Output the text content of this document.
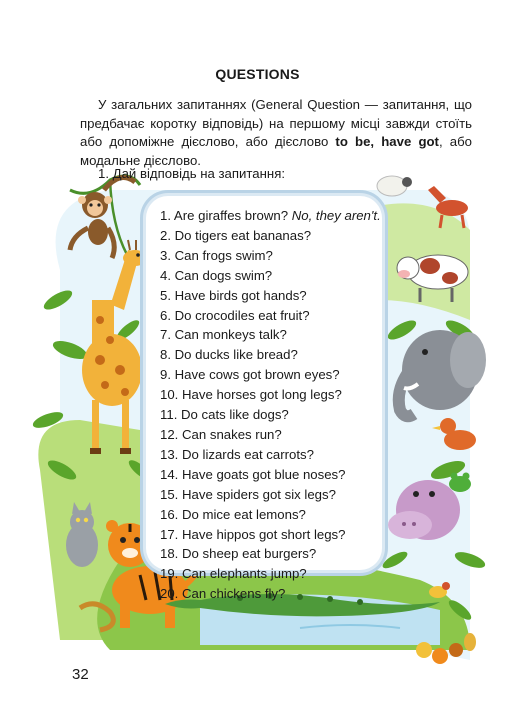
QUESTIONS

У загальних запитаннях (General Question — запитання, що предбачає коротку відповідь) на першому місці завжди стоїть або допоміжне дієслово, або дієслово to be, have got, або модальне дієслово.

1. Дай відповідь на запитання:
1. Are giraffes brown? No, they aren't.
2. Do tigers eat bananas?
3. Can frogs swim?
4. Can dogs swim?
5. Have birds got hands?
6. Do crocodiles eat fruit?
7. Can monkeys talk?
8. Do ducks like bread?
9. Have cows got brown eyes?
10. Have horses got long legs?
11. Do cats like dogs?
12. Can snakes run?
13. Do lizards eat carrots?
14. Have goats got blue noses?
15. Have spiders got six legs?
16. Do mice eat lemons?
17. Have hippos got short legs?
18. Do sheep eat burgers?
19. Can elephants jump?
20. Can chickens fly?
32
